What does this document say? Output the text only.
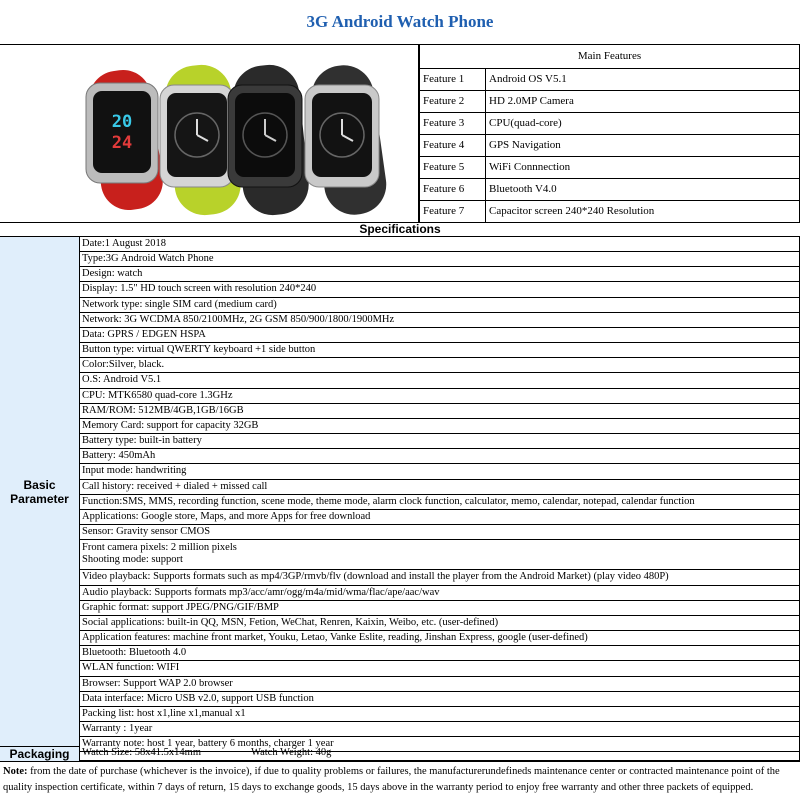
3G Android Watch Phone
20
24
Main Features	
Feature 1	Android OS V5.1
Feature 2	HD 2.0MP Camera
Feature 3	CPU(quad-core)
Feature 4	GPS Navigation
Feature 5	WiFi Connnection
Feature 6	Bluetooth V4.0
Feature 7	Capacitor screen 240*240 Resolution
Specifications
Basic
Parameter
Packaging
Date:1 August 2018
Type:3G Android Watch Phone
Design: watch
Display: 1.5" HD touch screen with resolution 240*240
Network type: single SIM card (medium card)
Network: 3G WCDMA 850/2100MHz, 2G GSM 850/900/1800/1900MHz
Data: GPRS / EDGEN HSPA
Button type: virtual QWERTY keyboard +1 side button
Color:Silver, black.
O.S: Android V5.1
CPU: MTK6580 quad-core 1.3GHz
RAM/ROM: 512MB/4GB,1GB/16GB
Memory Card: support for capacity 32GB
Battery type: built-in battery
Battery: 450mAh
Input mode: handwriting
Call history: received + dialed + missed call
Function:SMS, MMS, recording function, scene mode, theme mode, alarm clock function, calculator, memo, calendar, notepad, calendar function
Applications: Google store, Maps, and more Apps for free download
Sensor: Gravity sensor CMOS
Front camera pixels: 2 million pixels
Shooting mode: support
Video playback: Supports formats such as mp4/3GP/rmvb/flv (download and install the player from the Android Market) (play video 480P)
Audio playback: Supports formats mp3/acc/amr/ogg/m4a/mid/wma/flac/ape/aac/wav
Graphic format: support JPEG/PNG/GIF/BMP
Social applications: built-in QQ, MSN, Fetion, WeChat, Renren, Kaixin, Weibo, etc. (user-defined)
Application features: machine front market, Youku, Letao, Vanke Eslite, reading, Jinshan Express, google (user-defined)
Bluetooth: Bluetooth 4.0
WLAN function: WIFI
Browser: Support WAP 2.0 browser
Data interface: Micro USB v2.0, support USB function
Packing list: host x1,line x1,manual x1
Warranty : 1year
Warranty note: host 1 year, battery 6 months, charger 1 year
Watch Size: 58x41.5x14mm	Watch Weight: 40g
Note: from the date of purchase (whichever is the invoice), if due to quality problems or failures, the manufacturerundefineds maintenance center or contracted maintenance point of the quality inspection certificate, within 7 days of return, 15 days to exchange goods, 15 days above in the warranty period to enjoy free warranty and other three packets of equipped.
